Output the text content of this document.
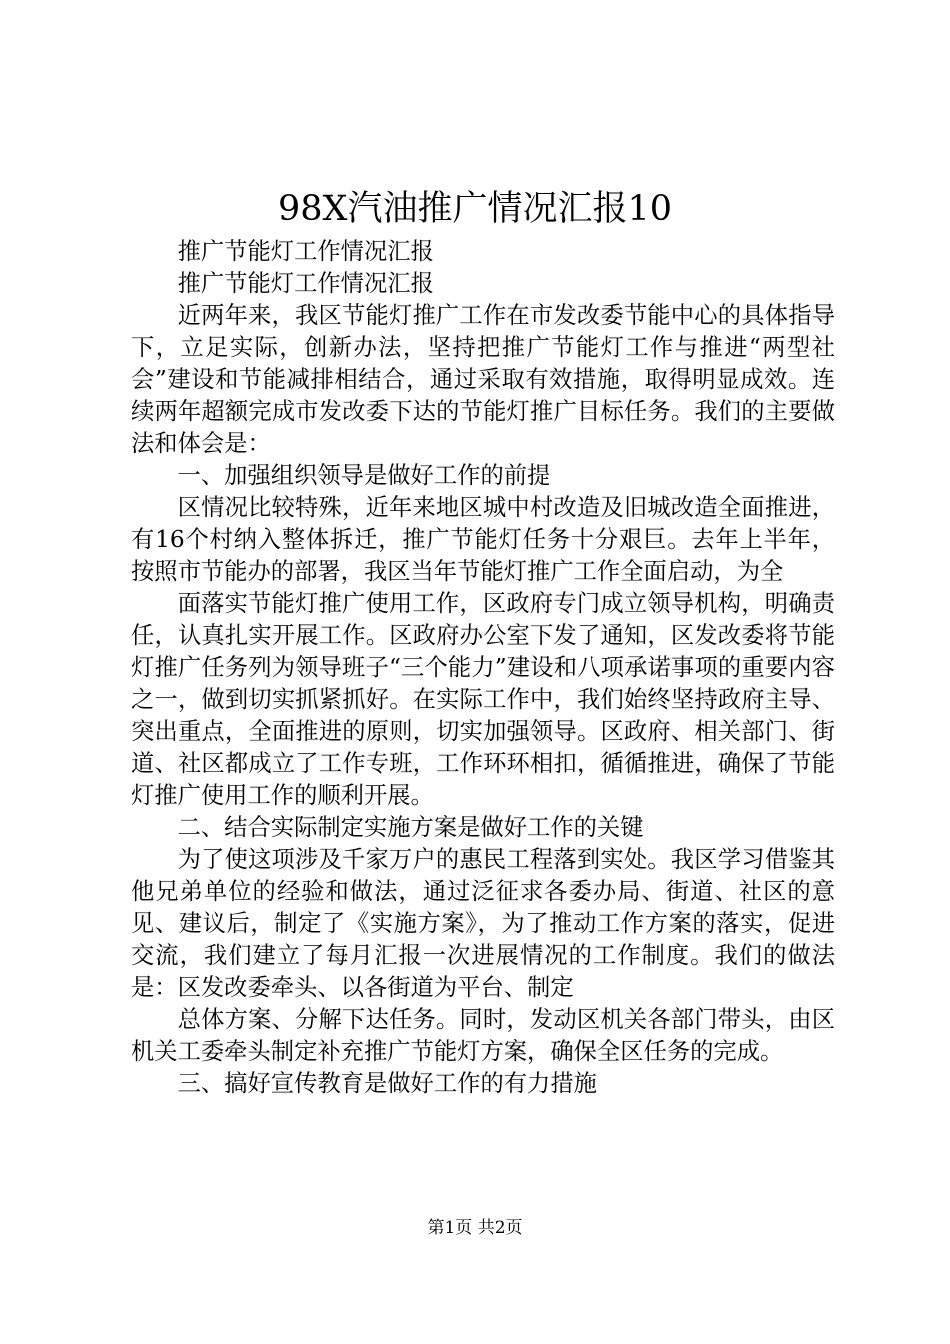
98X汽油推广情况汇报10

推广节能灯工作情况汇报

推广节能灯工作情况汇报

近两年来，我区节能灯推广工作在市发改委节能中心的具体指导下，立足实际，创新办法，坚持把推广节能灯工作与推进“两型社会”建设和节能减排相结合，通过采取有效措施，取得明显成效。连续两年超额完成市发改委下达的节能灯推广目标任务。我们的主要做法和体会是：

一、加强组织领导是做好工作的前提

区情况比较特殊，近年来地区城中村改造及旧城改造全面推进，有16个村纳入整体拆迁，推广节能灯任务十分艰巨。去年上半年，按照市节能办的部署，我区当年节能灯推广工作全面启动，为全

面落实节能灯推广使用工作，区政府专门成立领导机构，明确责任，认真扎实开展工作。区政府办公室下发了通知，区发改委将节能灯推广任务列为领导班子“三个能力”建设和八项承诺事项的重要内容之一，做到切实抓紧抓好。在实际工作中，我们始终坚持政府主导、突出重点，全面推进的原则，切实加强领导。区政府、相关部门、街道、社区都成立了工作专班，工作环环相扣，循循推进，确保了节能灯推广使用工作的顺利开展。

二、结合实际制定实施方案是做好工作的关键

为了使这项涉及千家万户的惠民工程落到实处。我区学习借鉴其他兄弟单位的经验和做法，通过泛征求各委办局、街道、社区的意见、建议后，制定了《实施方案》，为了推动工作方案的落实，促进交流，我们建立了每月汇报一次进展情况的工作制度。我们的做法是：区发改委牵头、以各街道为平台、制定

总体方案、分解下达任务。同时，发动区机关各部门带头，由区机关工委牵头制定补充推广节能灯方案，确保全区任务的完成。

三、搞好宣传教育是做好工作的有力措施

第1页 共2页
